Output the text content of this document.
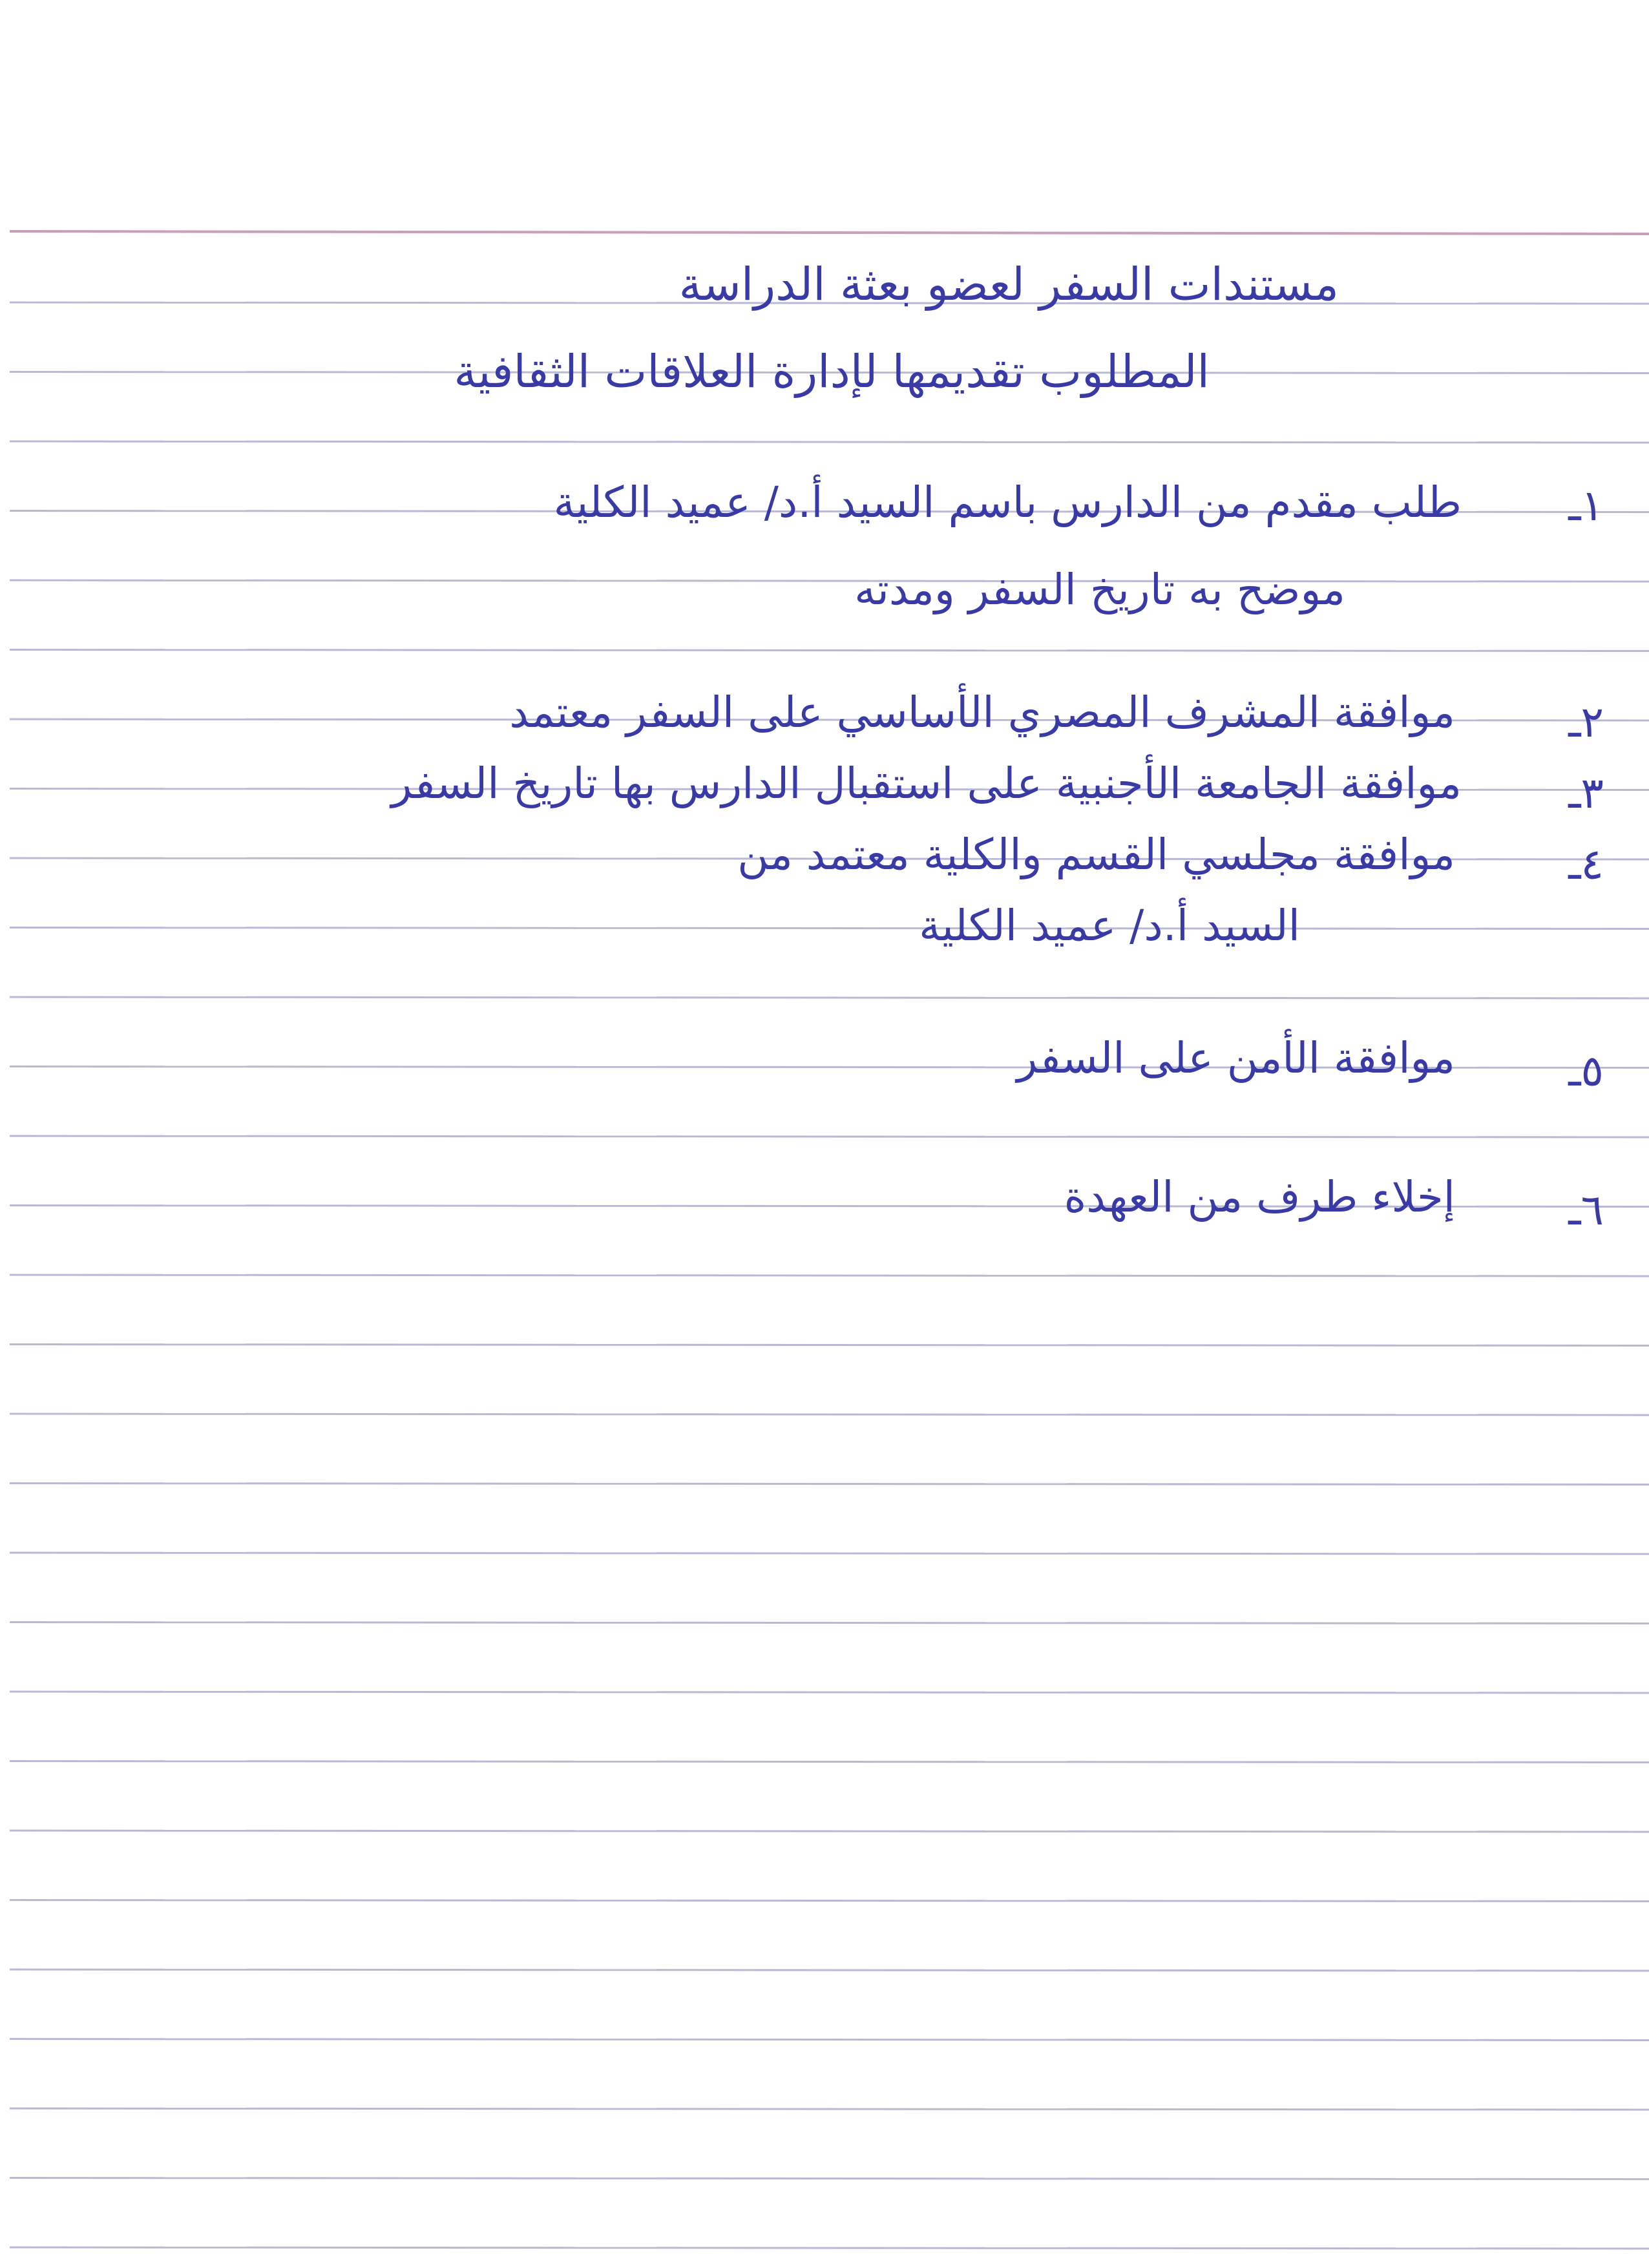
مستندات السفر لعضو بعثة الدراسة
المطلوب تقديمها لإدارة العلاقات الثقافية
١ـ
طلب مقدم من الدارس باسم السيد أ.د/ عميد الكلية
موضح به تاريخ السفر ومدته
٢ـ
موافقة المشرف المصري الأساسي على السفر معتمد
٣ـ
موافقة الجامعة الأجنبية على استقبال الدارس بها تاريخ السفر
٤ـ
موافقة مجلسي القسم والكلية معتمد من
السيد أ.د/ عميد الكلية
٥ـ
موافقة الأمن على السفر
٦ـ
إخلاء طرف من العهدة
